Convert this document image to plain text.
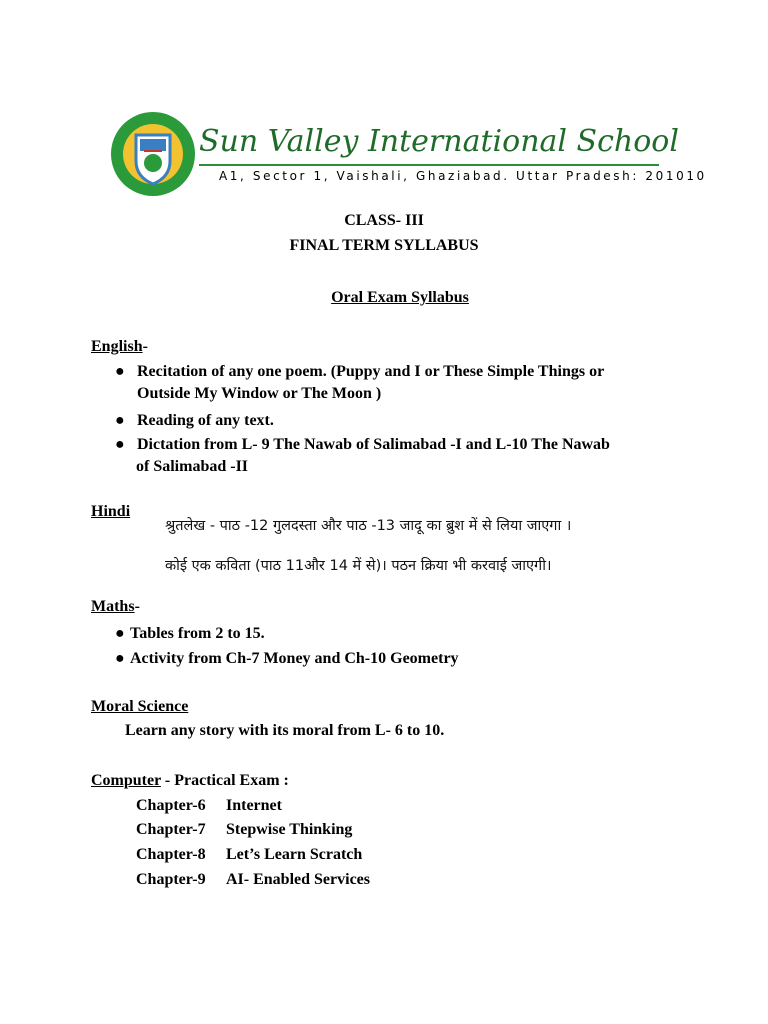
Sun Valley International School
A1, Sector 1, Vaishali, Ghaziabad. Uttar Pradesh: 201010
CLASS- III
FINAL TERM SYLLABUS
Oral Exam Syllabus
English-
● Recitation of any one poem. (Puppy and I or These Simple Things or
Outside My Window or The Moon )
● Reading of any text.
● Dictation from L- 9 The Nawab of Salimabad -I and L-10 The Nawab
of Salimabad -II
Hindi
श्रुतलेख - पाठ -12 गुलदस्ता और पाठ -13 जादू का ब्रुश में से लिया जाएगा ।
कोई एक कविता (पाठ 11और 14 में से)। पठन क्रिया भी करवाई जाएगी।
Maths-
● Tables from 2 to 15.
● Activity from Ch-7 Money and Ch-10 Geometry
Moral Science
Learn any story with its moral from L- 6 to 10.
Computer - Practical Exam :
Chapter-6 Internet
Chapter-7 Stepwise Thinking
Chapter-8 Let’s Learn Scratch
Chapter-9 AI- Enabled Services
